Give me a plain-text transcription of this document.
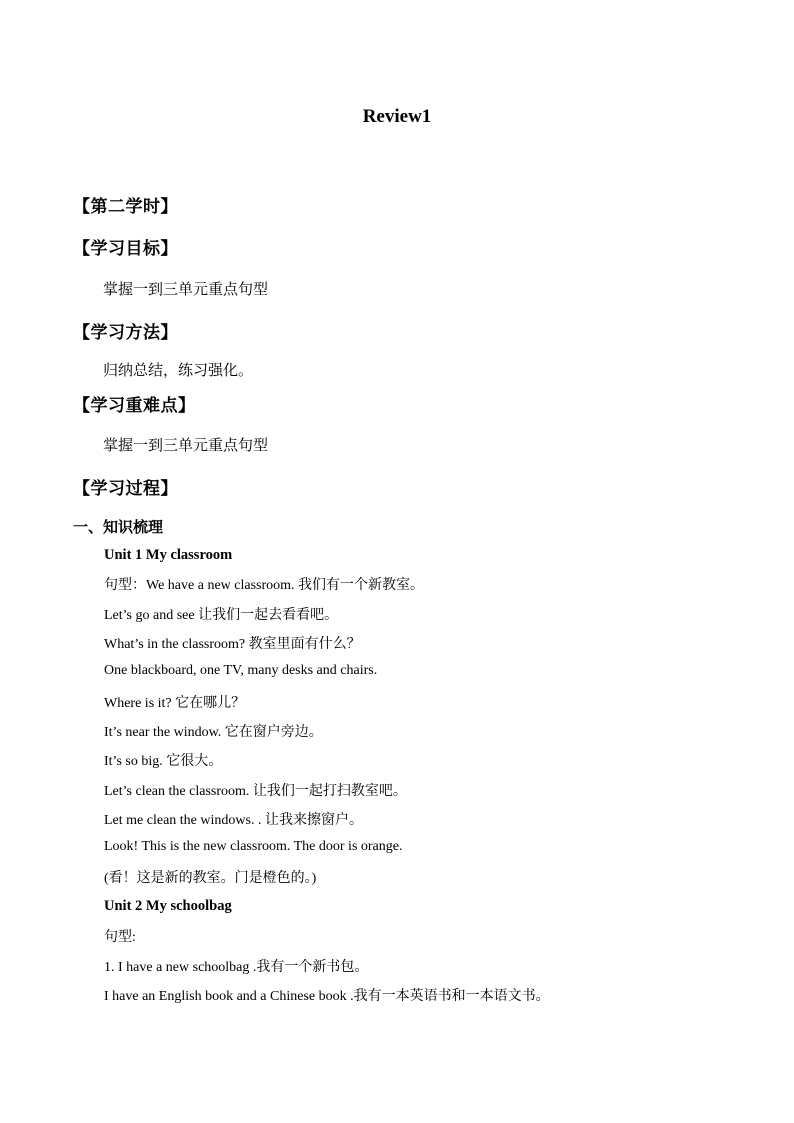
Review1
【第二学时】
【学习目标】
掌握一到三单元重点句型
【学习方法】
归纳总结，练习强化。
【学习重难点】
掌握一到三单元重点句型
【学习过程】
一、知识梳理
Unit 1 My classroom
句型：We have a new classroom. 我们有一个新教室。
Let’s go and see 让我们一起去看看吧。
What’s in the classroom? 教室里面有什么？
One blackboard, one TV, many desks and chairs.
Where is it? 它在哪儿？
It’s near the window. 它在窗户旁边。
It’s so big. 它很大。
Let’s clean the classroom. 让我们一起打扫教室吧。
Let me clean the windows. . 让我来擦窗户。
Look! This is the new classroom. The door is orange.
(看！这是新的教室。门是橙色的。)
Unit 2 My schoolbag
句型:
1. I have a new schoolbag .我有一个新书包。
I have an English book and a Chinese book .我有一本英语书和一本语文书。
